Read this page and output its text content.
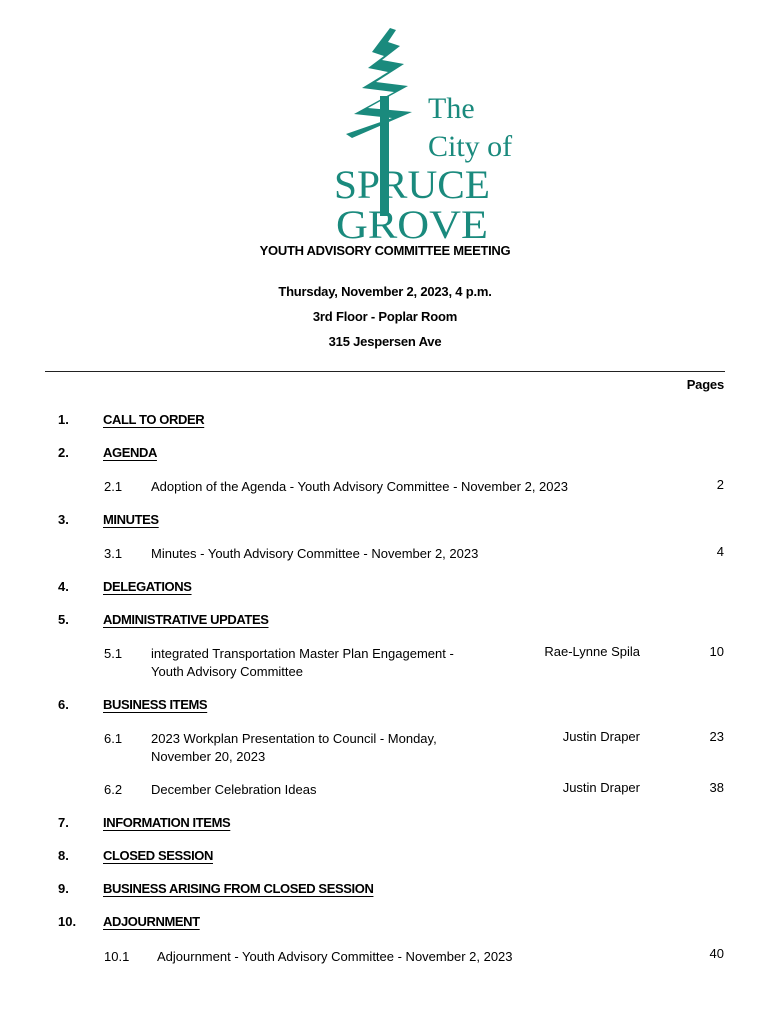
The
City of
SPRUCE
GROVE
YOUTH ADVISORY COMMITTEE MEETING
Thursday, November 2, 2023, 4 p.m.
3rd Floor - Poplar Room
315 Jespersen Ave
Pages
1.	CALL TO ORDER
2.	AGENDA
2.1 Adoption of the Agenda - Youth Advisory Committee - November 2, 2023	2
3.	MINUTES
3.1 Minutes - Youth Advisory Committee - November 2, 2023	4
4.	DELEGATIONS
5.	ADMINISTRATIVE UPDATES
5.1 integrated Transportation Master Plan Engagement -
Youth Advisory Committee
Rae-Lynne Spila	10
6.	BUSINESS ITEMS
6.1 2023 Workplan Presentation to Council - Monday,
November 20, 2023
Justin Draper	23
6.2 December Celebration Ideas	Justin Draper	38
7.	INFORMATION ITEMS
8.	CLOSED SESSION
9.	BUSINESS ARISING FROM CLOSED SESSION
10. ADJOURNMENT
10.1 Adjournment - Youth Advisory Committee - November 2, 2023	40
